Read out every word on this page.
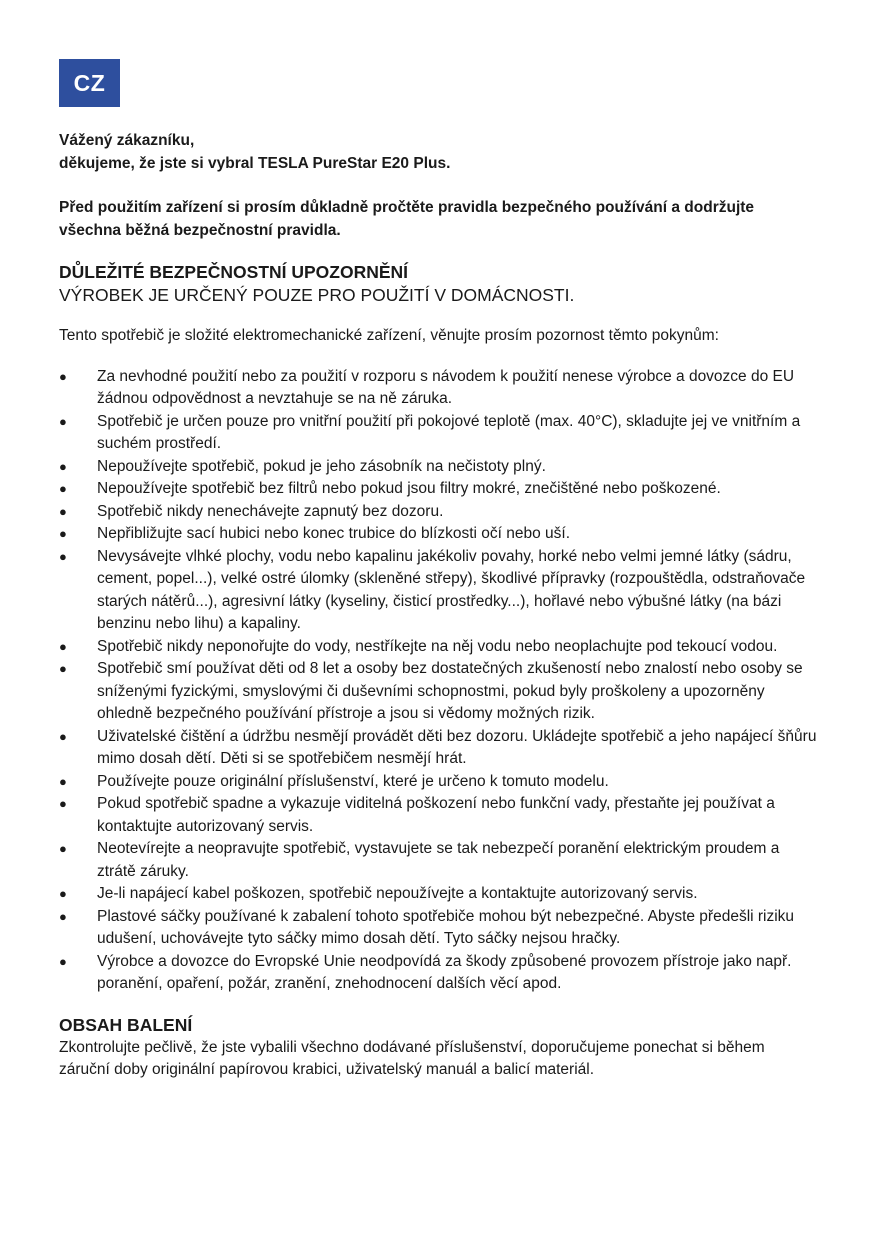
CZ

Vážený zákazníku,

děkujeme, že jste si vybral TESLA PureStar E20 Plus.

Před použitím zařízení si prosím důkladně pročtěte pravidla bezpečného používání a dodržujte všechna běžná bezpečnostní pravidla.

DŮLEŽITÉ BEZPEČNOSTNÍ UPOZORNĚNÍ

VÝROBEK JE URČENÝ POUZE PRO POUŽITÍ V DOMÁCNOSTI.

Tento spotřebič je složité elektromechanické zařízení, věnujte prosím pozornost těmto pokynům:

● Za nevhodné použití nebo za použití v rozporu s návodem k použití nenese výrobce a dovozce do EU žádnou odpovědnost a nevztahuje se na ně záruka.
● Spotřebič je určen pouze pro vnitřní použití při pokojové teplotě (max. 40°C), skladujte jej ve vnitřním a suchém prostředí.
● Nepoužívejte spotřebič, pokud je jeho zásobník na nečistoty plný.
● Nepoužívejte spotřebič bez filtrů nebo pokud jsou filtry mokré, znečištěné nebo poškozené.
● Spotřebič nikdy nenechávejte zapnutý bez dozoru.
● Nepřibližujte sací hubici nebo konec trubice do blízkosti očí nebo uší.
● Nevysávejte vlhké plochy, vodu nebo kapalinu jakékoliv povahy, horké nebo velmi jemné látky (sádru, cement, popel...), velké ostré úlomky (skleněné střepy), škodlivé přípravky (rozpouštědla, odstraňovače starých nátěrů...), agresivní látky (kyseliny, čisticí prostředky...), hořlavé nebo výbušné látky (na bázi benzinu nebo lihu) a kapaliny.
● Spotřebič nikdy neponořujte do vody, nestříkejte na něj vodu nebo neoplachujte pod tekoucí vodou.
● Spotřebič smí používat děti od 8 let a osoby bez dostatečných zkušeností nebo znalostí nebo osoby se sníženými fyzickými, smyslovými či duševními schopnostmi, pokud byly proškoleny a upozorněny ohledně bezpečného používání přístroje a jsou si vědomy možných rizik.
● Uživatelské čištění a údržbu nesmějí provádět děti bez dozoru. Ukládejte spotřebič a jeho napájecí šňůru mimo dosah dětí. Děti si se spotřebičem nesmějí hrát.
● Používejte pouze originální příslušenství, které je určeno k tomuto modelu.
● Pokud spotřebič spadne a vykazuje viditelná poškození nebo funkční vady, přestaňte jej používat a kontaktujte autorizovaný servis.
● Neotevírejte a neopravujte spotřebič, vystavujete se tak nebezpečí poranění elektrickým proudem a ztrátě záruky.
● Je-li napájecí kabel poškozen, spotřebič nepoužívejte a kontaktujte autorizovaný servis.
● Plastové sáčky používané k zabalení tohoto spotřebiče mohou být nebezpečné. Abyste předešli riziku udušení, uchovávejte tyto sáčky mimo dosah dětí. Tyto sáčky nejsou hračky.
● Výrobce a dovozce do Evropské Unie neodpovídá za škody způsobené provozem přístroje jako např. poranění, opaření, požár, zranění, znehodnocení dalších věcí apod.
OBSAH BALENÍ

Zkontrolujte pečlivě, že jste vybalili všechno dodávané příslušenství, doporučujeme ponechat si během záruční doby originální papírovou krabici, uživatelský manuál a balicí materiál.
